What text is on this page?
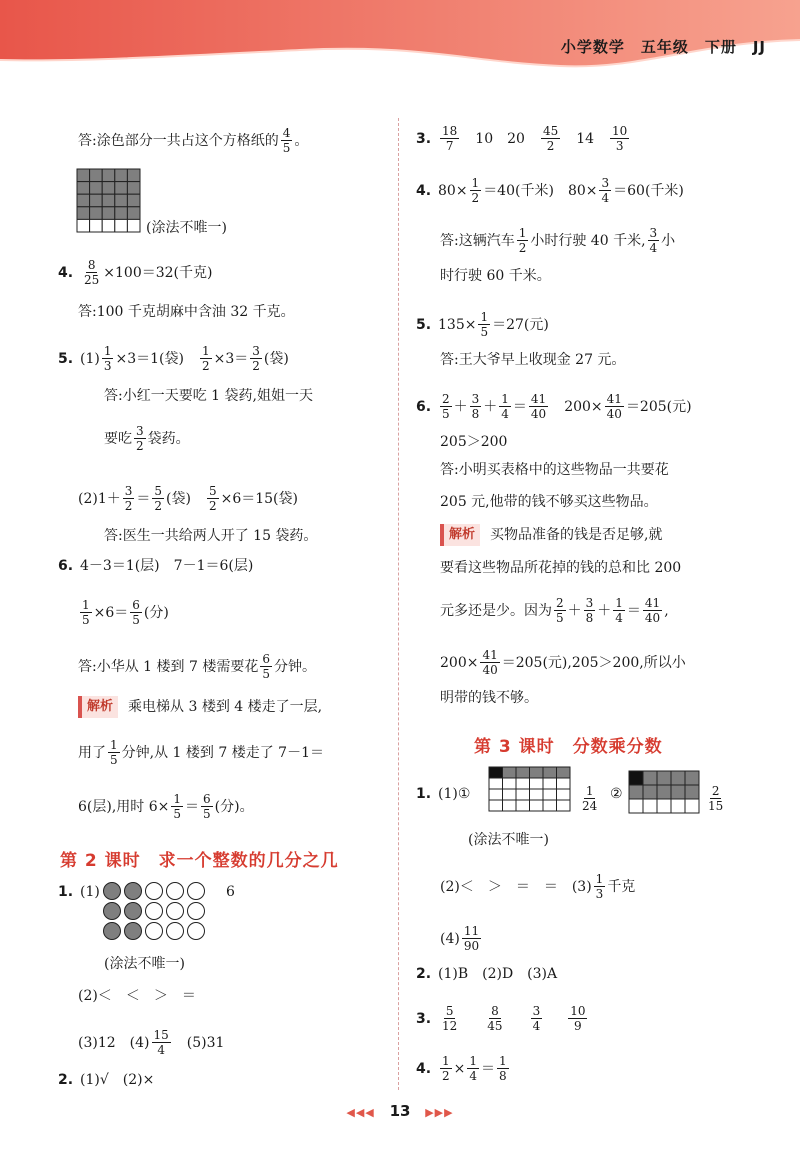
小学数学　五年级　下册　JJ
答:涂色部分一共占这个方格纸的 $\frac{4}{5}$ 。
(涂法不唯一)
4. $\frac{8}{25} \times 100=32$(千克)
答:100 千克胡麻中含油 32 千克。
5. $(1) \frac{1}{3} \times 3=1$(袋) $\frac{1}{2} \times 3= \frac{3}{2}$ (袋)
答:小红一天要吃 1 袋药,姐姐一天
要吃 $\frac{3}{2}$ 袋药。
$(2)1+ \frac{3}{2} = \frac{5}{2}$ (袋) $\frac{5}{2} \times 6=15$(袋)
答:医生一共给两人开了 15 袋药。
6. 4－3＝1(层) 7－1＝6(层)
$\frac{1}{5} \times 6= \frac{6}{5}$ (分)
答:小华从 1 楼到 7 楼需要花 $\frac{6}{5}$ 分钟。
解析	乘电梯从 3 楼到 4 楼走了一层,
用了 $\frac{1}{5}$ 分钟,从 1 楼到 7 楼走了 7－1＝
6(层),用时 $6\times \frac{1}{5} = \frac{6}{5}$ (分)。
第 2 课时　求一个整数的几分之几
1. (1)	6
(涂法不唯一)
(2)＜　＜　＞　＝
(3)12 $(4) \frac{15}{4} (5)31$
2. (1)√ (2)×
3. $\frac{18}{7} 10$ $20 \frac{45}{2} 14 \frac{10}{3}$
4. $80\times \frac{1}{2} =40$(千米) $80\times \frac{3}{4} =60$(千米)
答:这辆汽车 $\frac{1}{2}$ 小时行驶 40 千米, $\frac{3}{4}$ 小
时行驶 60 千米。
5. $135\times \frac{1}{5} =27$(元)
答:王大爷早上收现金 27 元。
6. $\frac{2}{5} + \frac{3}{8} + \frac{1}{4} = \frac{41}{40} 200\times \frac{41}{40} =205$(元)
205＞200
答:小明买表格中的这些物品一共要花
205 元,他带的钱不够买这些物品。
解析	买物品准备的钱是否足够,就
要看这些物品所花掉的钱的总和比 200
元多还是少。因为 $\frac{2}{5} + \frac{3}{8} + \frac{1}{4} = \frac{41}{40}$ ,
$200\times \frac{41}{40} =205$(元),205＞200,所以小
明带的钱不够。
第 3 课时　分数乘分数
1. (1)①	$\frac{1}{24}$ ②	$\frac{2}{15}$
(涂法不唯一)
(2)＜　＞　＝　＝　$(3) \frac{1}{3}$ 千克
$(4) \frac{11}{90}$
2. (1)B　(2)D　(3)A
3. $\frac{5}{12} \frac{8}{45} \frac{3}{4} \frac{10}{9}$
4. $\frac{1}{2} \times \frac{1}{4} = \frac{1}{8}$
◀◀◀ 13 ▶▶▶
